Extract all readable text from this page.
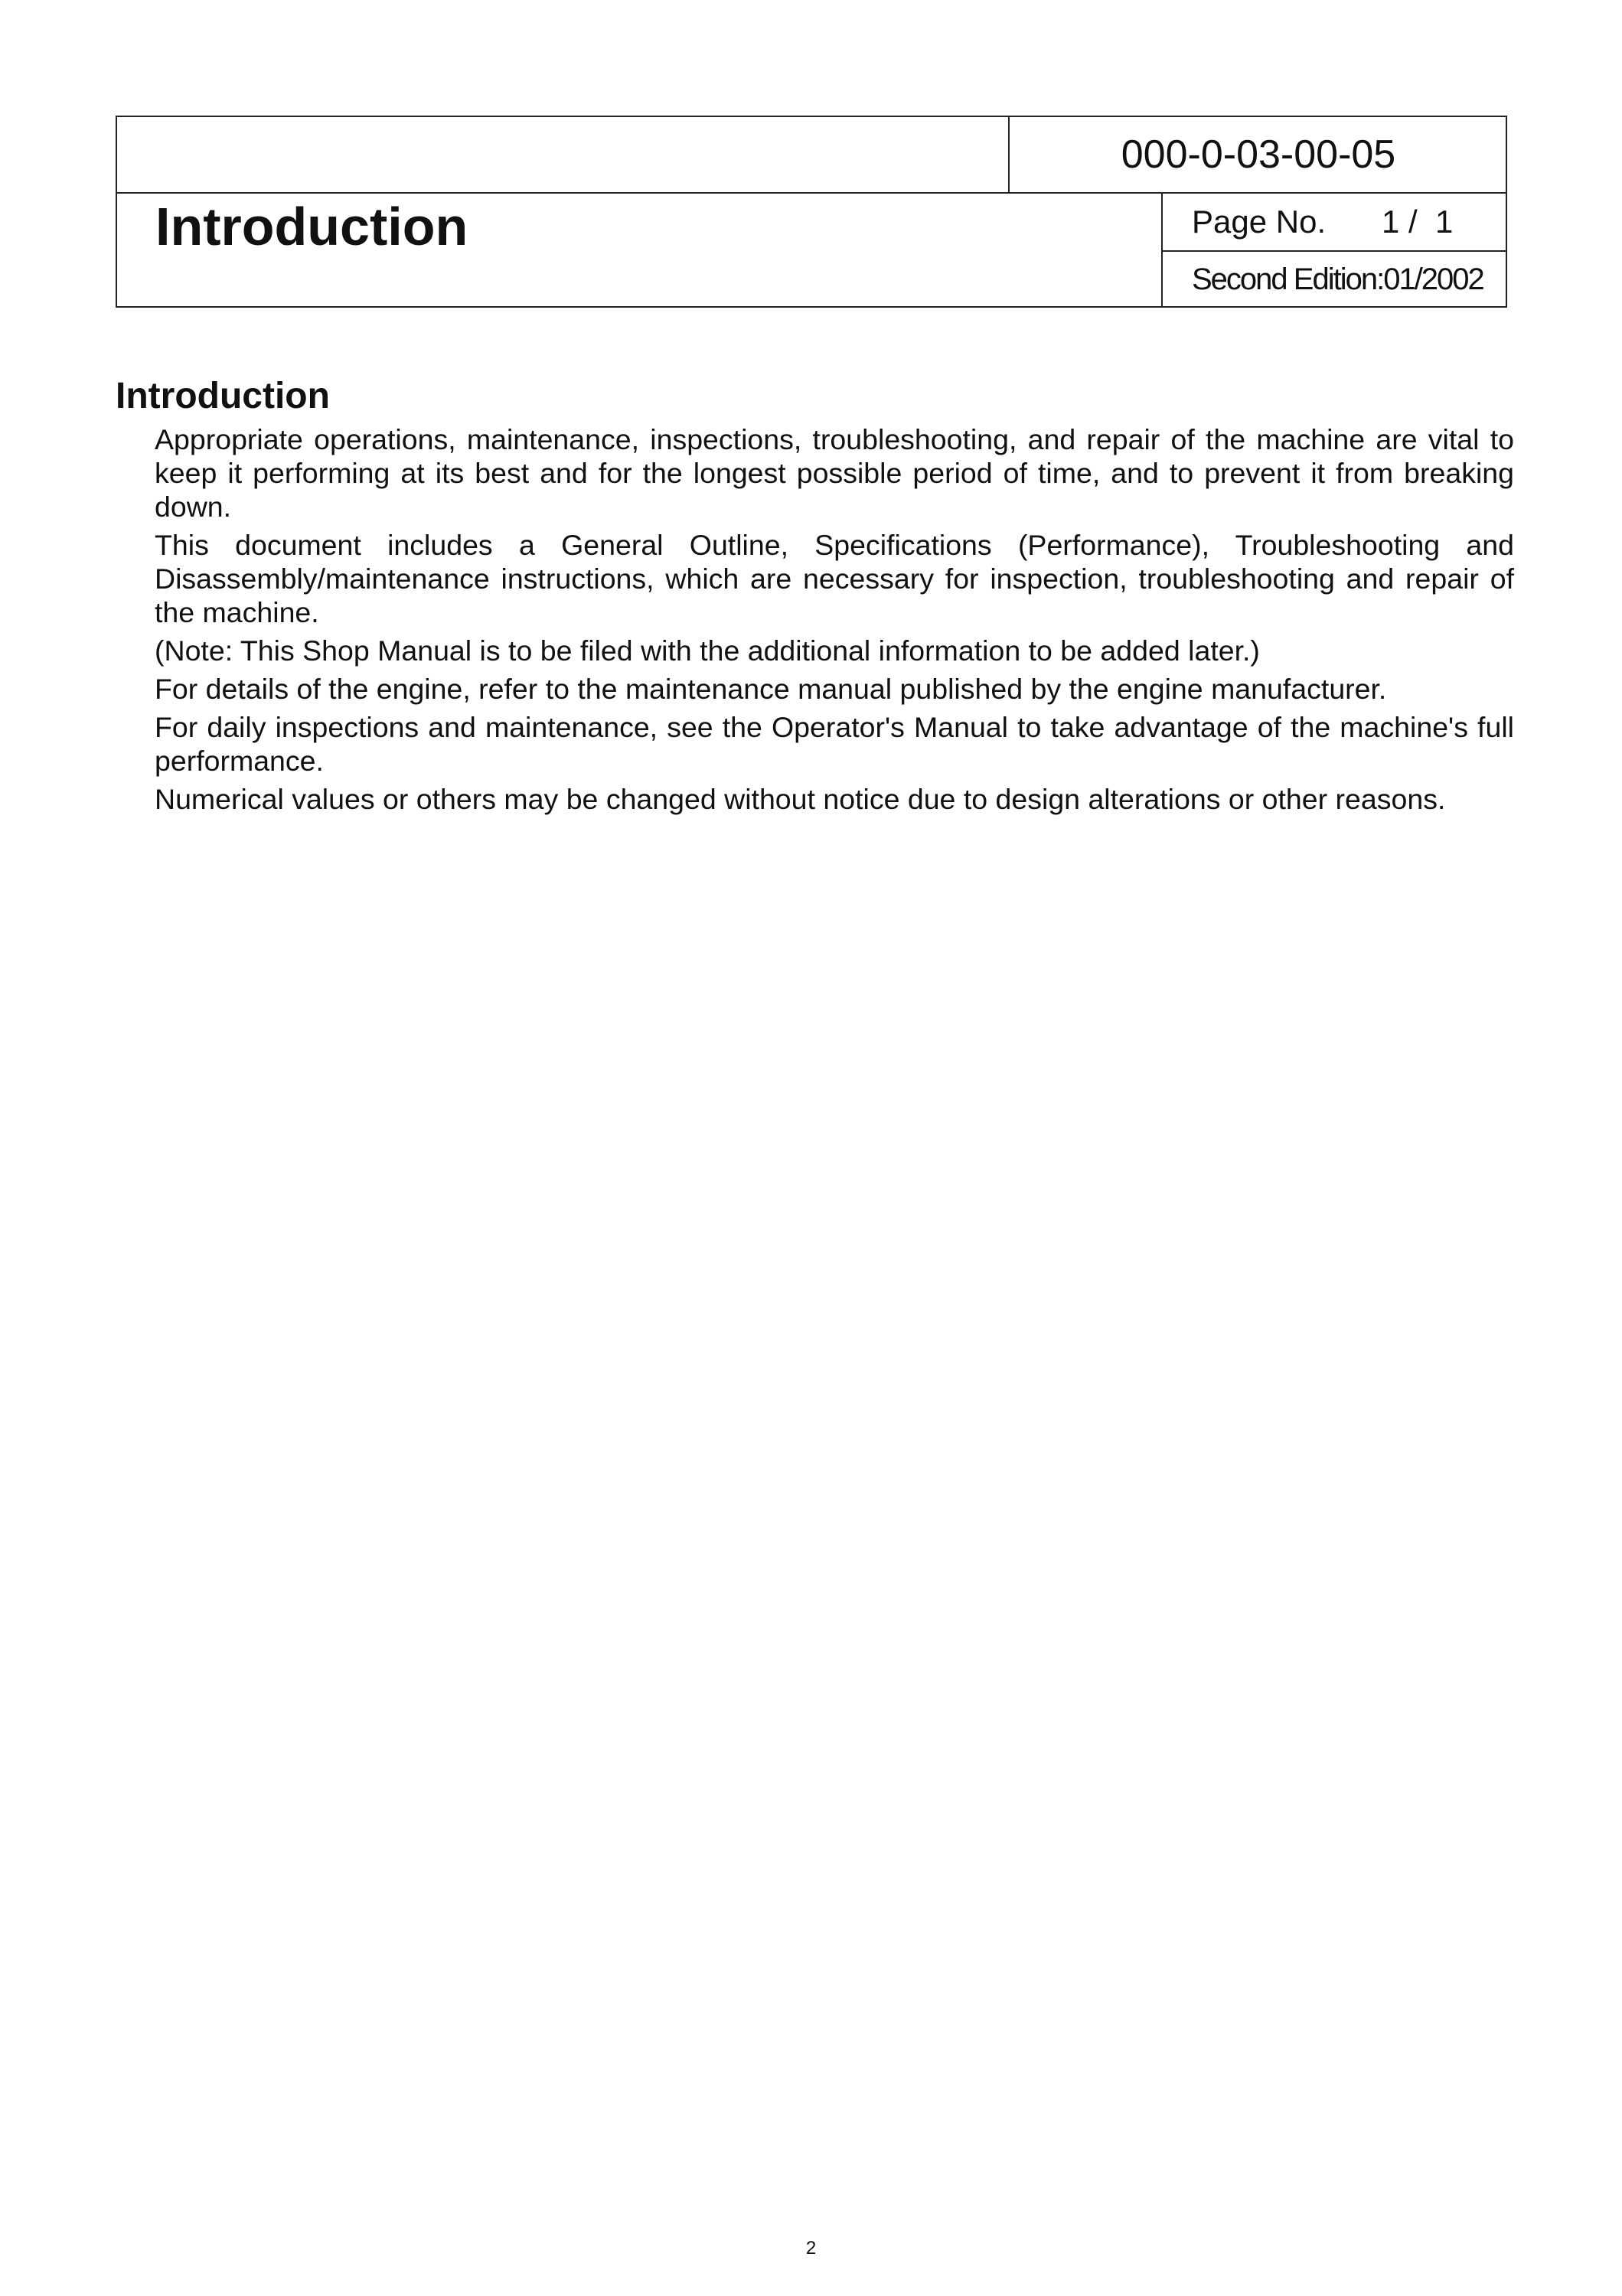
000-0-03-00-05
Introduction	Page No. 1 /  1
Second Edition:01/2002
Introduction

Appropriate operations, maintenance, inspections, troubleshooting, and repair of the machine are vital to keep it performing at its best and for the longest possible period of time, and to prevent it from breaking down.

This document includes a General Outline, Specifications (Performance), Troubleshooting and Disassembly/maintenance instructions, which are necessary for inspection, troubleshooting and repair of the machine.

(Note: This Shop Manual is to be filed with the additional information to be added later.)

For details of the engine, refer to the maintenance manual published by the engine manufacturer.

For daily inspections and maintenance, see the Operator's Manual to take advantage of the machine's full performance.

Numerical values or others may be changed without notice due to design alterations or other reasons.

2
